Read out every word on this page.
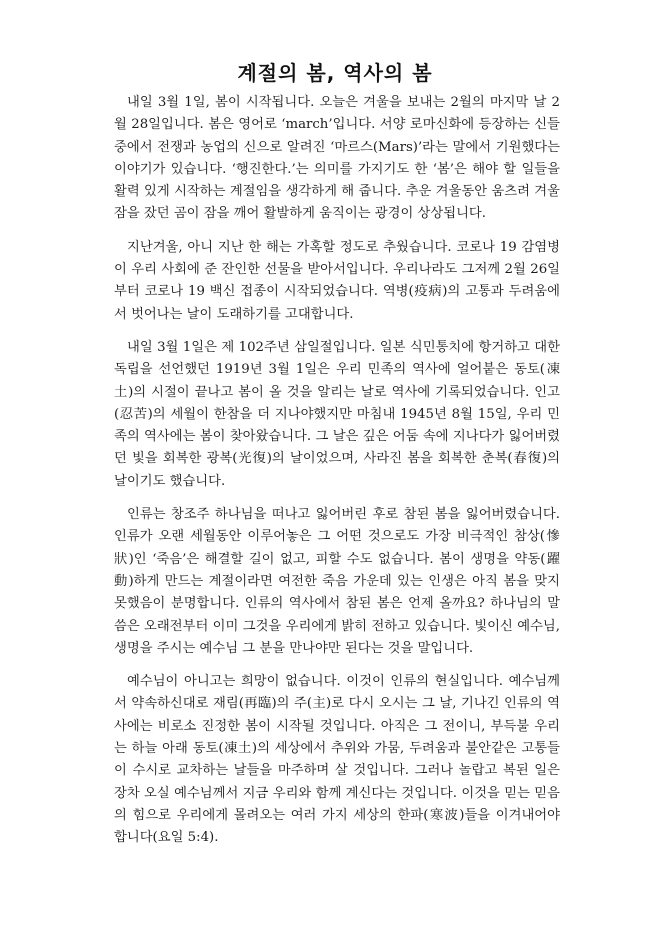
계절의 봄, 역사의 봄

내일 3월 1일, 봄이 시작됩니다. 오늘은 겨울을 보내는 2월의 마지막 날 2월 28일입니다. 봄은 영어로 ‘march’입니다. 서양 로마신화에 등장하는 신들 중에서 전쟁과 농업의 신으로 알려진 ‘마르스(Mars)’라는 말에서 기원했다는 이야기가 있습니다. ‘행진한다.’는 의미를 가지기도 한 ‘봄’은 해야 할 일들을 활력 있게 시작하는 계절임을 생각하게 해 줍니다. 추운 겨울동안 움츠려 겨울잠을 잤던 곰이 잠을 깨어 활발하게 움직이는 광경이 상상됩니다.

지난겨울, 아니 지난 한 해는 가혹할 정도로 추웠습니다. 코로나 19 감염병이 우리 사회에 준 잔인한 선물을 받아서입니다. 우리나라도 그저께 2월 26일부터 코로나 19 백신 접종이 시작되었습니다. 역병(疫病)의 고통과 두려움에서 벗어나는 날이 도래하기를 고대합니다.

내일 3월 1일은 제 102주년 삼일절입니다. 일본 식민통치에 항거하고 대한독립을 선언했던 1919년 3월 1일은 우리 민족의 역사에 얼어붙은 동토(凍土)의 시절이 끝나고 봄이 올 것을 알리는 날로 역사에 기록되었습니다. 인고(忍苦)의 세월이 한참을 더 지나야했지만 마침내 1945년 8월 15일, 우리 민족의 역사에는 봄이 찾아왔습니다. 그 날은 깊은 어둠 속에 지나다가 잃어버렸던 빛을 회복한 광복(光復)의 날이었으며, 사라진 봄을 회복한 춘복(春復)의 날이기도 했습니다.

인류는 창조주 하나님을 떠나고 잃어버린 후로 참된 봄을 잃어버렸습니다. 인류가 오랜 세월동안 이루어놓은 그 어떤 것으로도 가장 비극적인 참상(慘狀)인 ‘죽음’은 해결할 길이 없고, 피할 수도 없습니다. 봄이 생명을 약동(躍動)하게 만드는 계절이라면 여전한 죽음 가운데 있는 인생은 아직 봄을 맞지 못했음이 분명합니다. 인류의 역사에서 참된 봄은 언제 올까요? 하나님의 말씀은 오래전부터 이미 그것을 우리에게 밝히 전하고 있습니다. 빛이신 예수님, 생명을 주시는 예수님 그 분을 만나야만 된다는 것을 말입니다.

예수님이 아니고는 희망이 없습니다. 이것이 인류의 현실입니다. 예수님께서 약속하신대로 재림(再臨)의 주(主)로 다시 오시는 그 날, 기나긴 인류의 역사에는 비로소 진정한 봄이 시작될 것입니다. 아직은 그 전이니, 부득불 우리는 하늘 아래 동토(凍土)의 세상에서 추위와 가뭄, 두려움과 불안같은 고통들이 수시로 교차하는 날들을 마주하며 살 것입니다. 그러나 놀랍고 복된 일은 장차 오실 예수님께서 지금 우리와 함께 계신다는 것입니다. 이것을 믿는 믿음의 힘으로 우리에게 몰려오는 여러 가지 세상의 한파(寒波)들을 이겨내어야 합니다(요일 5:4).
